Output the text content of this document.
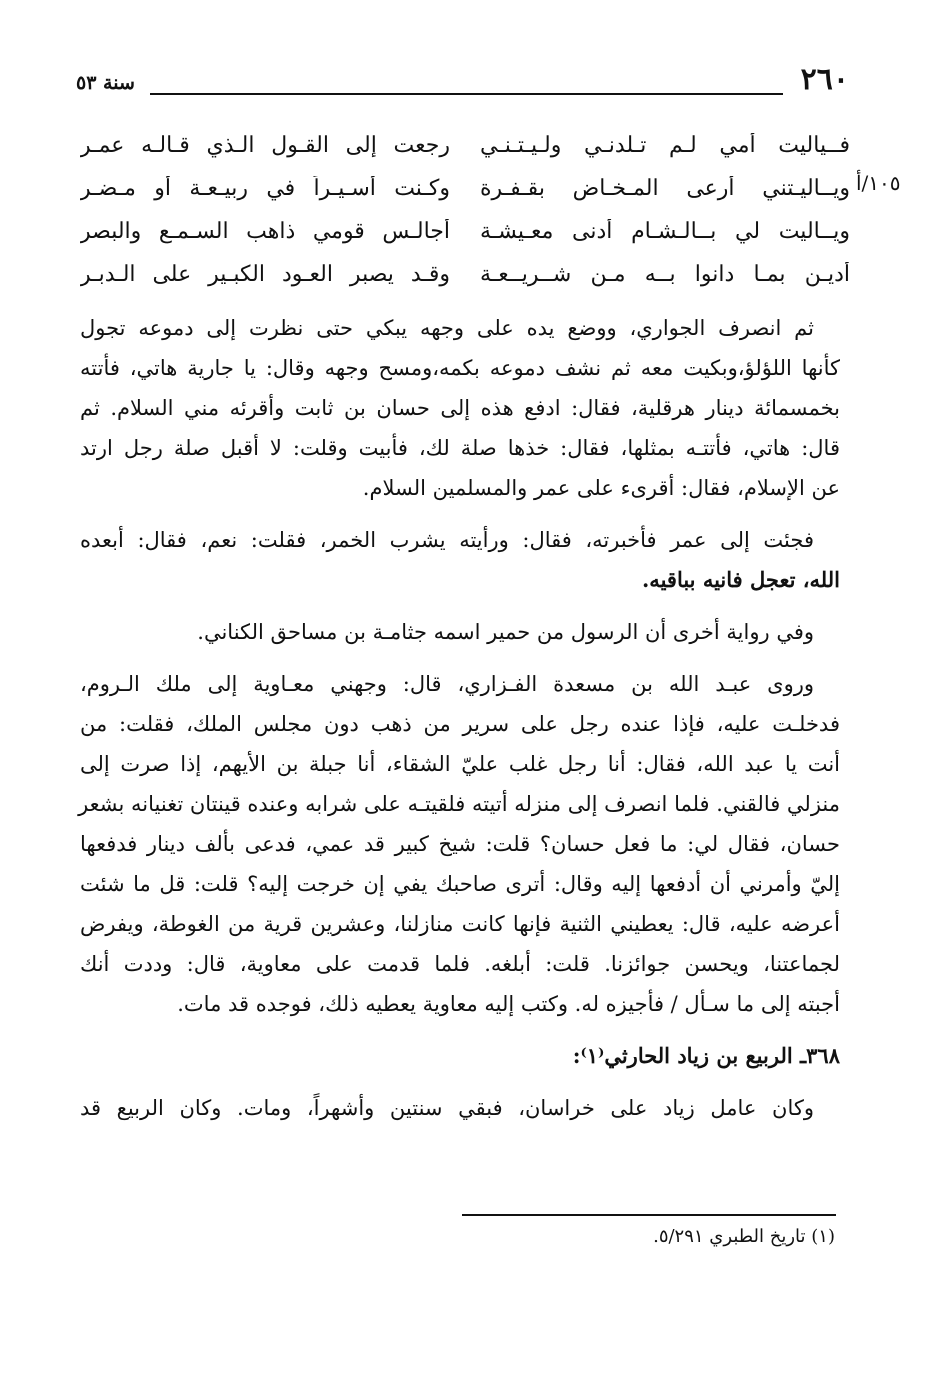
٢٦٠
سنة ٥٣
فــياليت أمي لـم تـلدنـي ولـيـتـنـي
رجعت إلى القـول الـذي قـالـه عمـر
ويــاليـتني أرعى المـخـاض بقـفـرة
وكـنت أسـيـراً في ربيـعـة أو مـضـر
ويــاليت لي بــالـشـام أدنى معـيشـة
أجالـس قومي ذاهب السـمـع والبصر
أديـن بمـا دانوا بــه مـن شــريــعـة
وقـد يصبر العـود الكبـير على الـدبـر
١٠٥/أ

ثم انصرف الجواري، ووضع يده على وجهه يبكي حتى نظرت إلى دموعه تجول
كأنها اللؤلؤ،وبكيت معه ثم نشف دموعه بكمه،ومسح وجهه وقال: يا جارية هاتي، فأتته
بخمسمائة دينار هرقلية، فقال: ادفع هذه إلى حسان بن ثابت وأقرئه مني السلام. ثم
قال: هاتي، فأتتـه بمثلها، فقال: خذها صلة لك، فأبيت وقلت: لا أقبل صلة رجل ارتد
عن الإسلام، فقال: أقرىء على عمر والمسلمين السلام.

فجئت إلى عمر فأخبرته، فقال: ورأيته يشرب الخمر، فقلت: نعم، فقال: أبعده
الله، تعجل فانيه بباقيه.

وفي رواية أخرى أن الرسول من حمير اسمه جثامـة بن مساحق الكناني.

وروى عبـد الله بن مسعدة الفـزاري، قال: وجهني معـاوية إلى ملك الـروم،
فدخلـت عليه، فإذا عنده رجل على سرير من ذهب دون مجلس الملك، فقلت: من
أنت يا عبد الله، فقال: أنا رجل غلب عليّ الشقاء، أنا جبلة بن الأيهم، إذا صرت إلى
منزلي فالقني. فلما انصرف إلى منزله أتيته فلقيتـه على شرابه وعنده قينتان تغنيانه بشعر
حسان، فقال لي: ما فعل حسان؟ قلت: شيخ كبير قد عمي، فدعى بألف دينار فدفعها
إليّ وأمرني أن أدفعها إليه وقال: أترى صاحبك يفي إن خرجت إليه؟ قلت: قل ما شئت
أعرضه عليه، قال: يعطيني الثنية فإنها كانت منازلنا، وعشرين قرية من الغوطة، ويفرض
لجماعتنا، ويحسن جوائزنا. قلت: أبلغه. فلما قدمت على معاوية، قال: وددت أنك
أجبته إلى ما سـأل / فأجيزه له. وكتب إليه معاوية يعطيه ذلك، فوجده قد مات.

٣٦٨ـ الربيع بن زياد الحارثي⁽١⁾:

وكان عامل زياد على خراسان، فبقي سنتين وأشهراً، ومات. وكان الربيع قد

(١) تاريخ الطبري ٥/٢٩١.
